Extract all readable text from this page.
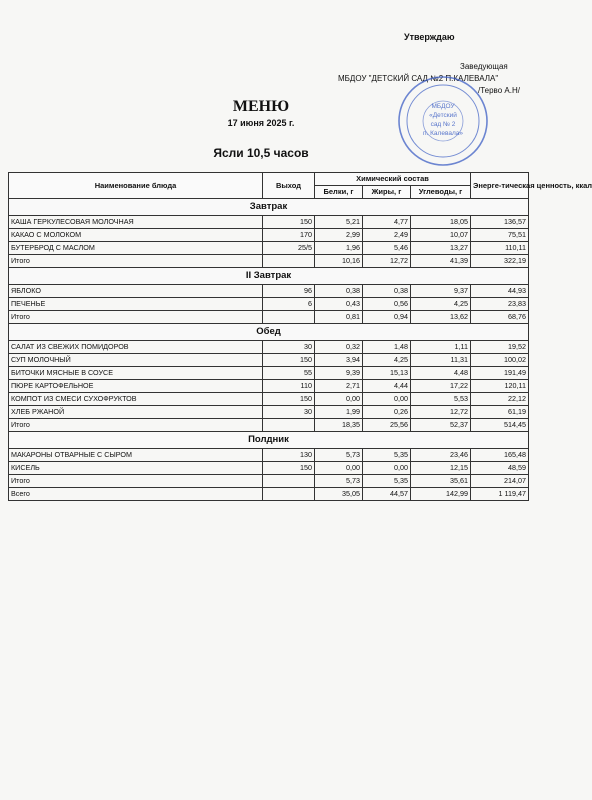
Утверждаю
Заведующая
МБДОУ "ДЕТСКИЙ САД №2 П.КАЛЕВАЛА"
/Терво А.Н/
МБДОУ
«Детский
сад № 2
п. Калевала»
МЕНЮ
17 июня 2025 г.
Ясли 10,5 часов
Наименование блюда	Выход	Химический состав			Энерге-тическая ценность, ккал
		Белки, г	Жиры, г	Углеводы, г	
Завтрак					
КАША ГЕРКУЛЕСОВАЯ МОЛОЧНАЯ	150	5,21	4,77	18,05	136,57
КАКАО С МОЛОКОМ	170	2,99	2,49	10,07	75,51
БУТЕРБРОД С МАСЛОМ	25/5	1,96	5,46	13,27	110,11
Итого		10,16	12,72	41,39	322,19
II Завтрак					
ЯБЛОКО	96	0,38	0,38	9,37	44,93
ПЕЧЕНЬЕ	6	0,43	0,56	4,25	23,83
Итого		0,81	0,94	13,62	68,76
Обед					
САЛАТ ИЗ СВЕЖИХ ПОМИДОРОВ	30	0,32	1,48	1,11	19,52
СУП МОЛОЧНЫЙ	150	3,94	4,25	11,31	100,02
БИТОЧКИ МЯСНЫЕ В СОУСЕ	55	9,39	15,13	4,48	191,49
ПЮРЕ КАРТОФЕЛЬНОЕ	110	2,71	4,44	17,22	120,11
КОМПОТ ИЗ СМЕСИ СУХОФРУКТОВ	150	0,00	0,00	5,53	22,12
ХЛЕБ РЖАНОЙ	30	1,99	0,26	12,72	61,19
Итого		18,35	25,56	52,37	514,45
Полдник					
МАКАРОНЫ ОТВАРНЫЕ С СЫРОМ	130	5,73	5,35	23,46	165,48
КИСЕЛЬ	150	0,00	0,00	12,15	48,59
Итого		5,73	5,35	35,61	214,07
Всего		35,05	44,57	142,99	1 119,47
